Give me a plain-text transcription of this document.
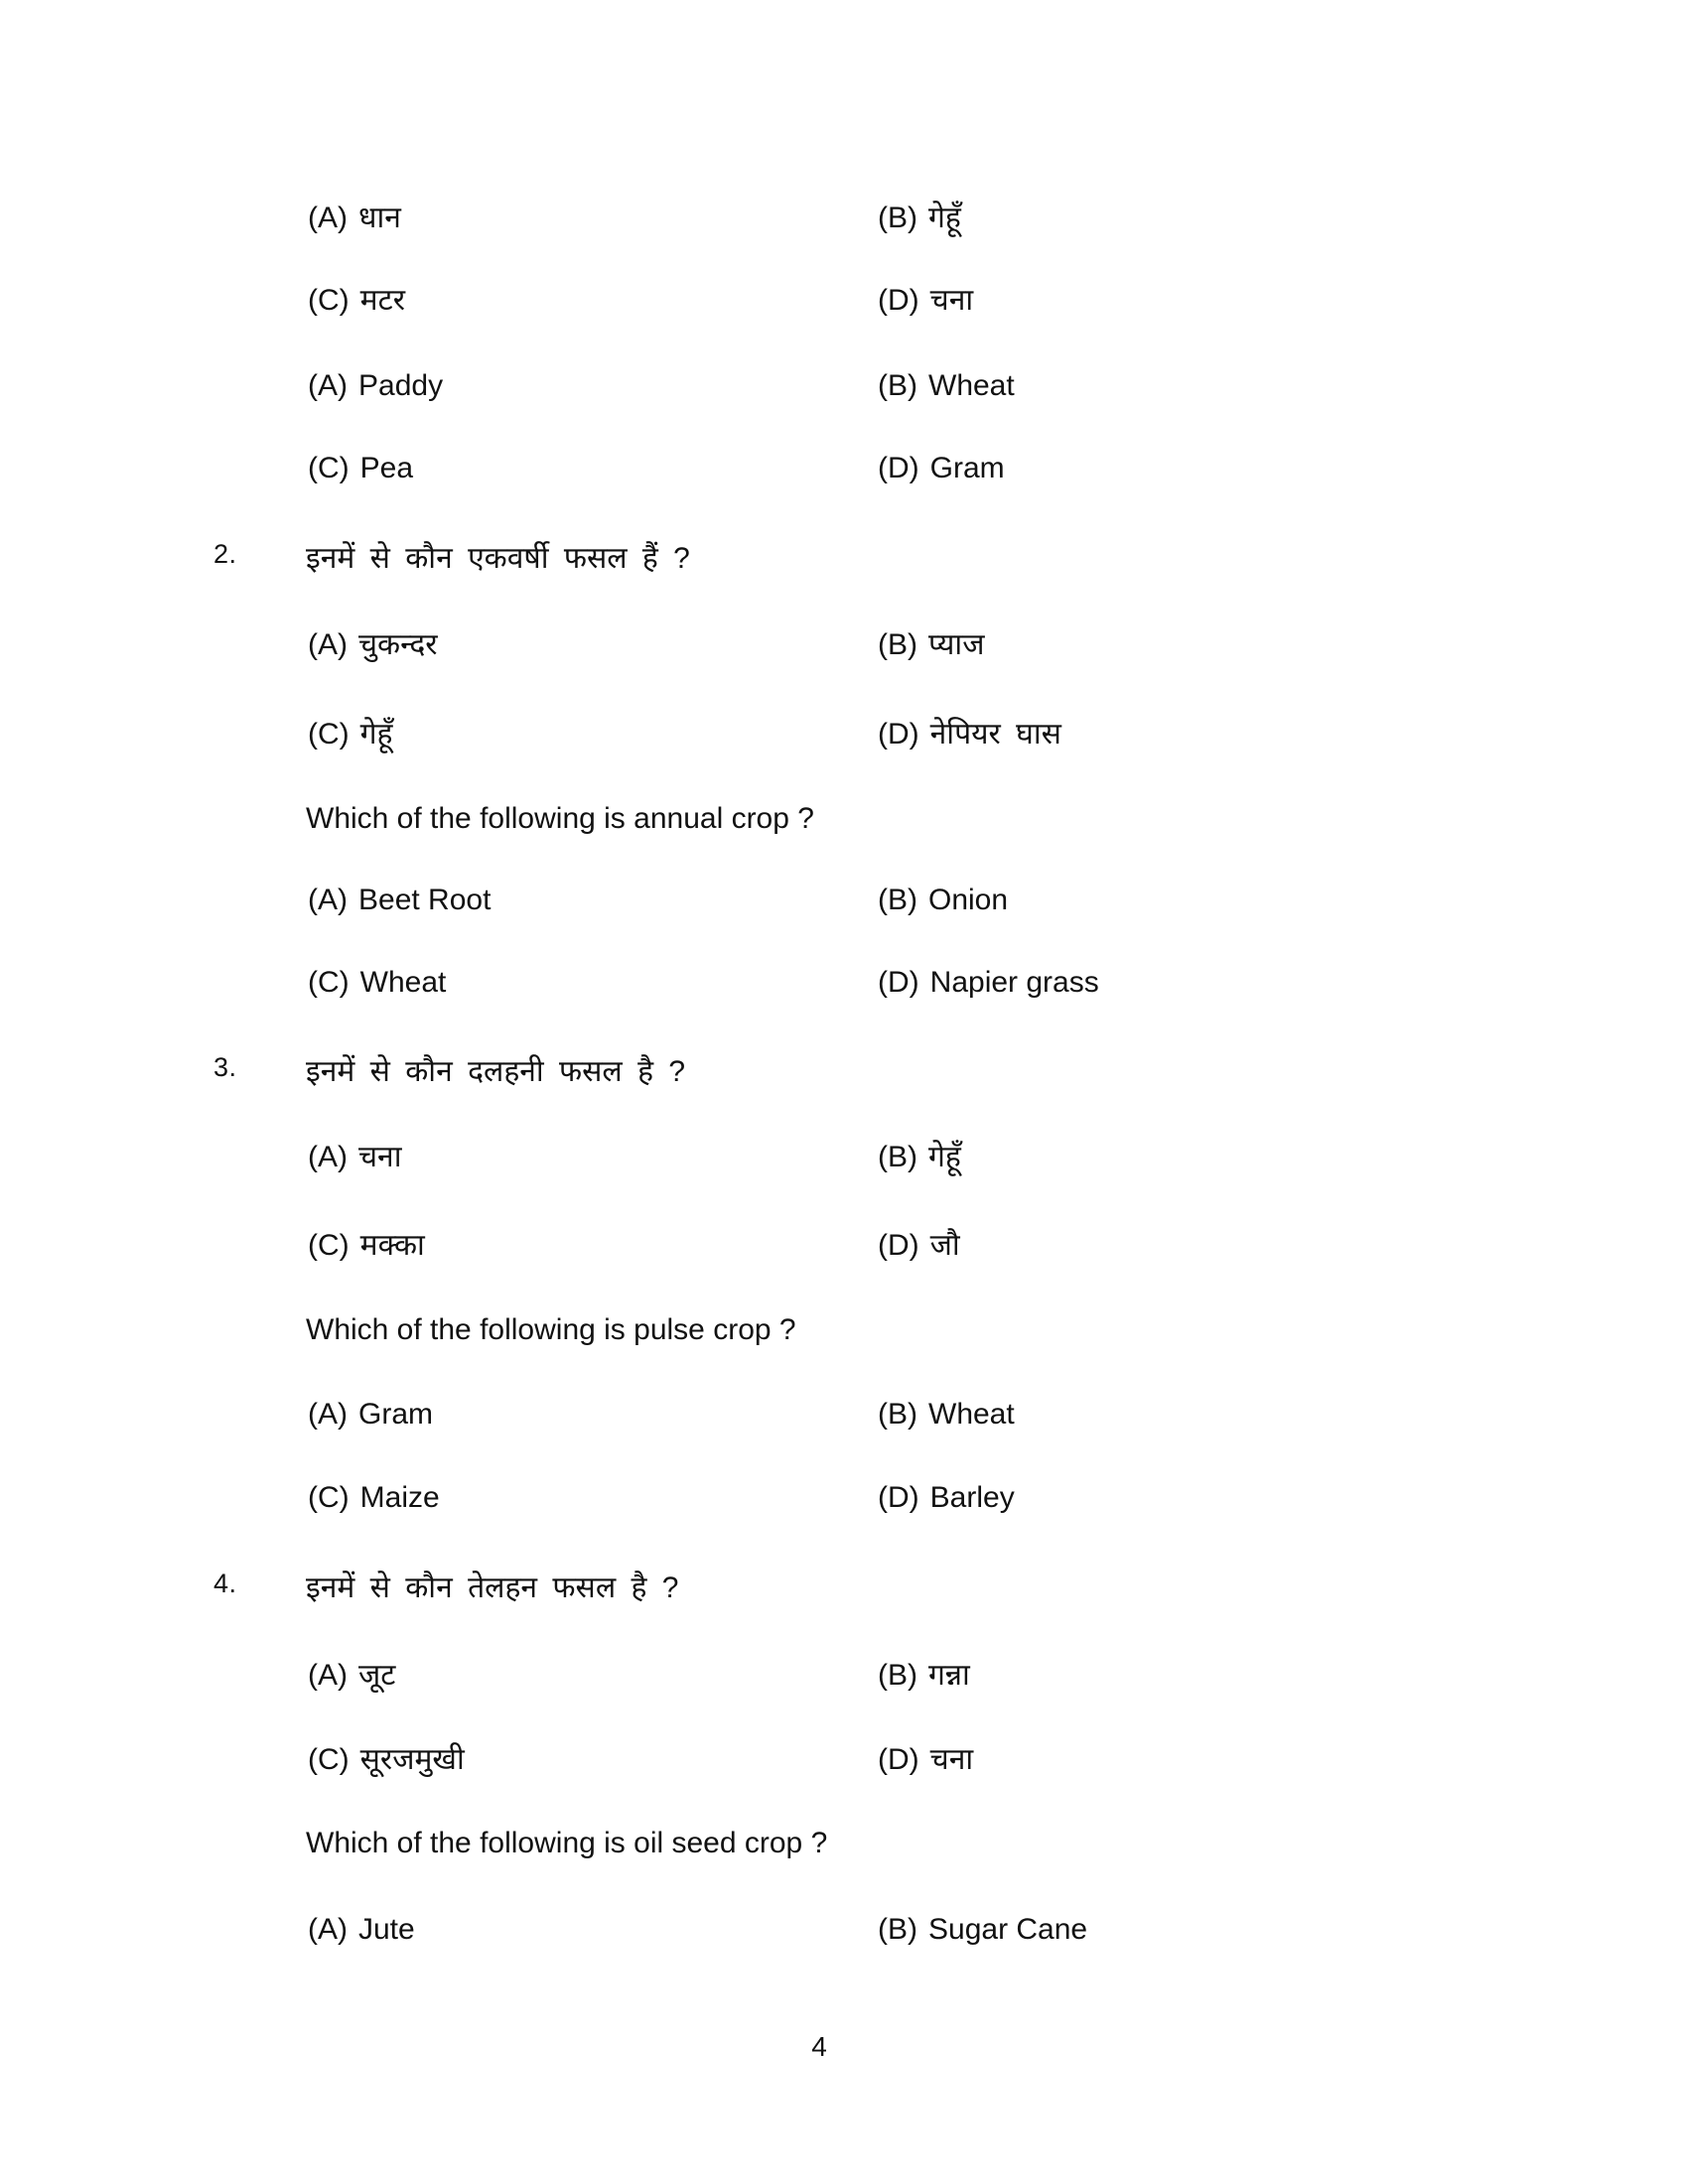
(A) धान	(B) गेहूँ
(C) मटर	(D) चना
(A) Paddy	(B) Wheat
(C) Pea	(D) Gram
2. इनमें से कौन एकवर्षी फसल हैं ?
(A) चुकन्दर	(B) प्याज
(C) गेहूँ	(D) नेपियर घास
Which of the following is annual crop ?
(A) Beet Root	(B) Onion
(C) Wheat	(D) Napier grass
3. इनमें से कौन दलहनी फसल है ?
(A) चना	(B) गेहूँ
(C) मक्का	(D) जौ
Which of the following is pulse crop ?
(A) Gram	(B) Wheat
(C) Maize	(D) Barley
4. इनमें से कौन तेलहन फसल है ?
(A) जूट	(B) गन्ना
(C) सूरजमुखी	(D) चना
Which of the following is oil seed crop ?
(A) Jute	(B) Sugar Cane
4
